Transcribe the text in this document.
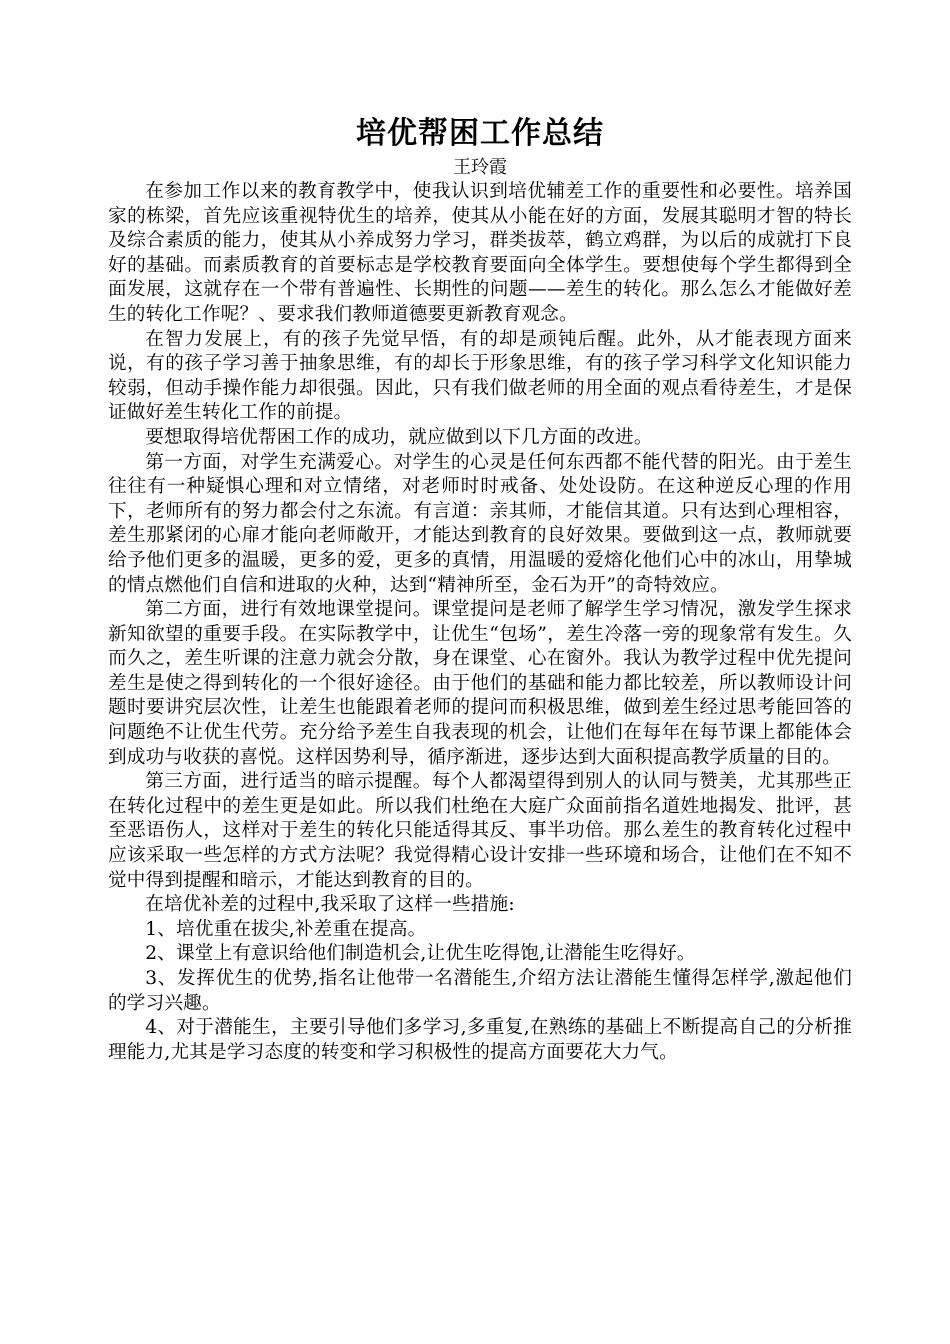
培优帮困工作总结

王玲霞

在参加工作以来的教育教学中，使我认识到培优辅差工作的重要性和必要性。培养国家的栋梁，首先应该重视特优生的培养，使其从小能在好的方面，发展其聪明才智的特长及综合素质的能力，使其从小养成努力学习，群类拔萃，鹤立鸡群，为以后的成就打下良好的基础。而素质教育的首要标志是学校教育要面向全体学生。要想使每个学生都得到全面发展，这就存在一个带有普遍性、长期性的问题——差生的转化。那么怎么才能做好差生的转化工作呢？、要求我们教师道德要更新教育观念。

在智力发展上，有的孩子先觉早悟，有的却是顽钝后醒。此外，从才能表现方面来说，有的孩子学习善于抽象思维，有的却长于形象思维，有的孩子学习科学文化知识能力较弱，但动手操作能力却很强。因此，只有我们做老师的用全面的观点看待差生，才是保证做好差生转化工作的前提。

要想取得培优帮困工作的成功，就应做到以下几方面的改进。

第一方面，对学生充满爱心。对学生的心灵是任何东西都不能代替的阳光。由于差生往往有一种疑惧心理和对立情绪，对老师时时戒备、处处设防。在这种逆反心理的作用下，老师所有的努力都会付之东流。有言道：亲其师，才能信其道。只有达到心理相容，差生那紧闭的心扉才能向老师敞开，才能达到教育的良好效果。要做到这一点，教师就要给予他们更多的温暖，更多的爱，更多的真情，用温暖的爱熔化他们心中的冰山，用挚城的情点燃他们自信和进取的火种，达到“精神所至，金石为开”的奇特效应。

第二方面，进行有效地课堂提问。课堂提问是老师了解学生学习情况，激发学生探求新知欲望的重要手段。在实际教学中，让优生“包场”，差生冷落一旁的现象常有发生。久而久之，差生听课的注意力就会分散，身在课堂、心在窗外。我认为教学过程中优先提问差生是使之得到转化的一个很好途径。由于他们的基础和能力都比较差，所以教师设计问题时要讲究层次性，让差生也能跟着老师的提问而积极思维，做到差生经过思考能回答的问题绝不让优生代劳。充分给予差生自我表现的机会，让他们在每年在每节课上都能体会到成功与收获的喜悦。这样因势利导，循序渐进，逐步达到大面积提高教学质量的目的。

第三方面，进行适当的暗示提醒。每个人都渴望得到别人的认同与赞美，尤其那些正在转化过程中的差生更是如此。所以我们杜绝在大庭广众面前指名道姓地揭发、批评，甚至恶语伤人，这样对于差生的转化只能适得其反、事半功倍。那么差生的教育转化过程中应该采取一些怎样的方式方法呢？我觉得精心设计安排一些环境和场合，让他们在不知不觉中得到提醒和暗示，才能达到教育的目的。

在培优补差的过程中,我采取了这样一些措施:

1、培优重在拔尖,补差重在提高。

2、课堂上有意识给他们制造机会,让优生吃得饱,让潜能生吃得好。

3、发挥优生的优势,指名让他带一名潜能生,介绍方法让潜能生懂得怎样学,激起他们的学习兴趣。

4、对于潜能生，主要引导他们多学习,多重复,在熟练的基础上不断提高自己的分析推理能力,尤其是学习态度的转变和学习积极性的提高方面要花大力气。
